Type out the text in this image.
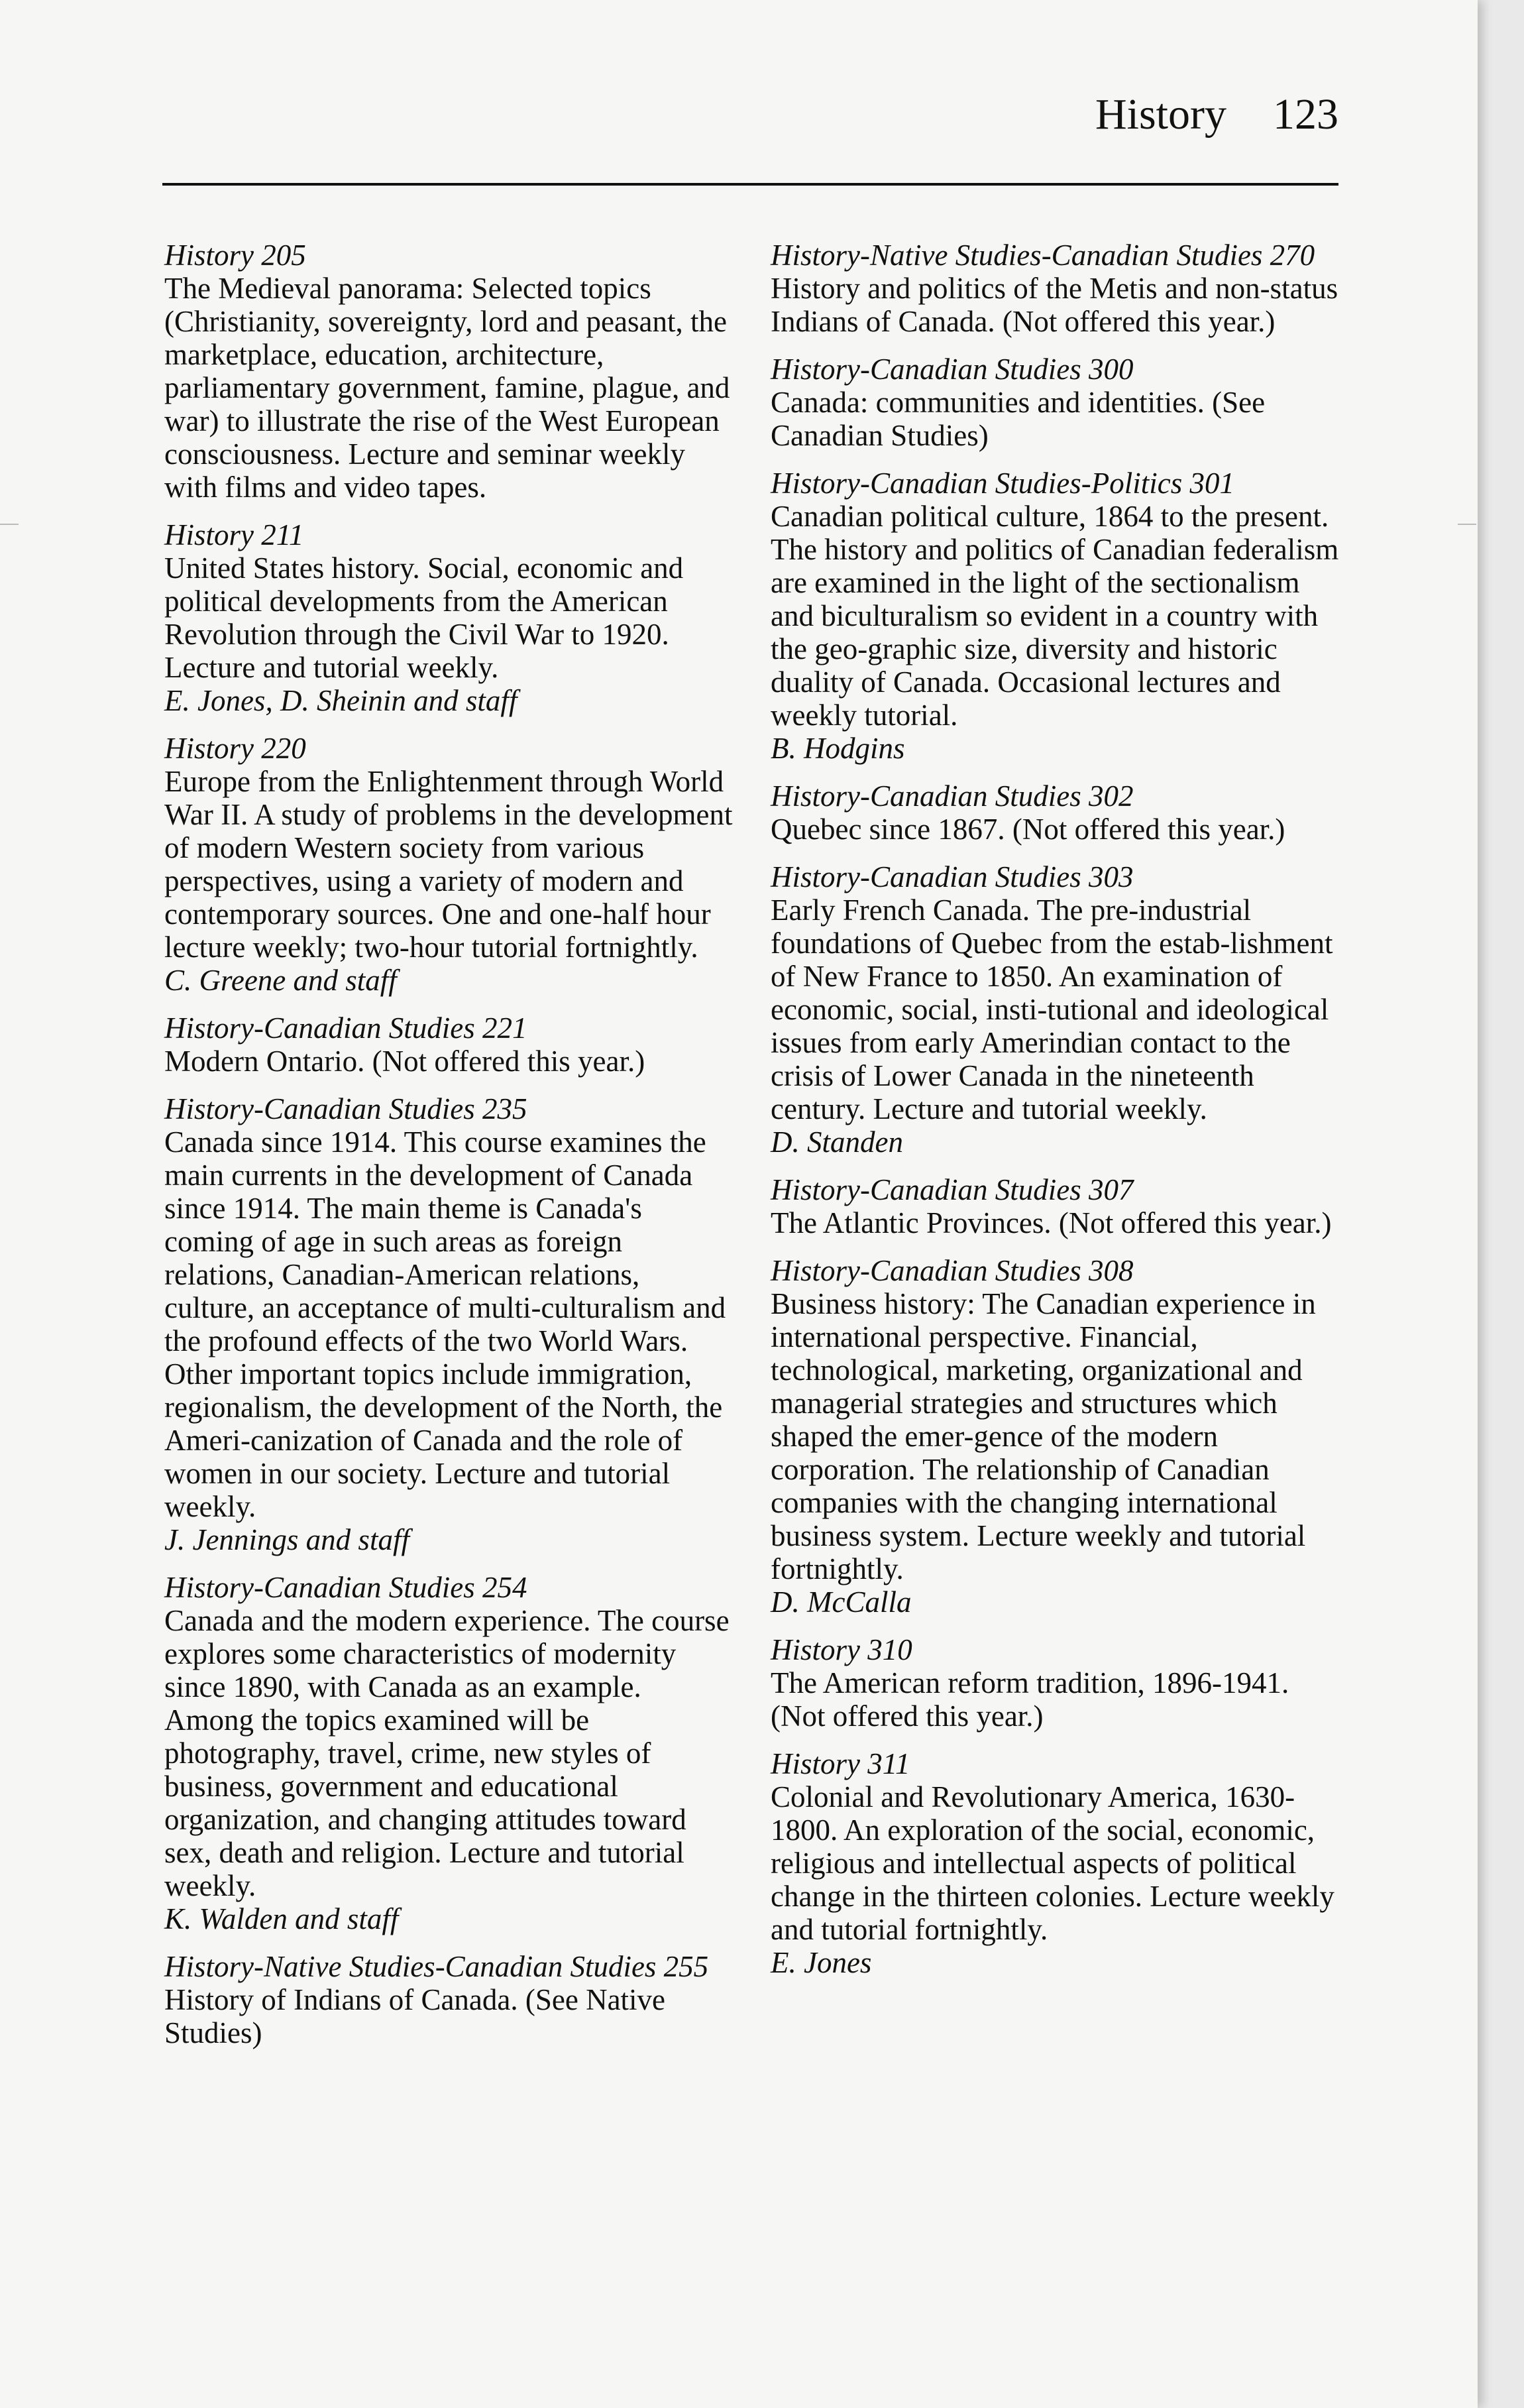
History 123
History 205
The Medieval panorama: Selected topics (Christianity, sovereignty, lord and peasant, the marketplace, education, architecture, parliamentary government, famine, plague, and war) to illustrate the rise of the West European consciousness. Lecture and seminar weekly with films and video tapes.
History 211
United States history. Social, economic and political developments from the American Revolution through the Civil War to 1920. Lecture and tutorial weekly.
E. Jones, D. Sheinin and staff
History 220
Europe from the Enlightenment through World War II. A study of problems in the development of modern Western society from various perspectives, using a variety of modern and contemporary sources. One and one-half hour lecture weekly; two-hour tutorial fortnightly.
C. Greene and staff
History-Canadian Studies 221
Modern Ontario. (Not offered this year.)
History-Canadian Studies 235
Canada since 1914. This course examines the main currents in the development of Canada since 1914. The main theme is Canada's coming of age in such areas as foreign relations, Canadian-American relations, culture, an acceptance of multi-culturalism and the profound effects of the two World Wars. Other important topics include immigration, regionalism, the development of the North, the Ameri-canization of Canada and the role of women in our society. Lecture and tutorial weekly.
J. Jennings and staff
History-Canadian Studies 254
Canada and the modern experience. The course explores some characteristics of modernity since 1890, with Canada as an example. Among the topics examined will be photography, travel, crime, new styles of business, government and educational organization, and changing attitudes toward sex, death and religion. Lecture and tutorial weekly.
K. Walden and staff
History-Native Studies-Canadian Studies 255
History of Indians of Canada. (See Native Studies)
History-Native Studies-Canadian Studies 270
History and politics of the Metis and non-status Indians of Canada. (Not offered this year.)
History-Canadian Studies 300
Canada: communities and identities. (See Canadian Studies)
History-Canadian Studies-Politics 301
Canadian political culture, 1864 to the present. The history and politics of Canadian federalism are examined in the light of the sectionalism and biculturalism so evident in a country with the geo-graphic size, diversity and historic duality of Canada. Occasional lectures and weekly tutorial.
B. Hodgins
History-Canadian Studies 302
Quebec since 1867. (Not offered this year.)
History-Canadian Studies 303
Early French Canada. The pre-industrial foundations of Quebec from the estab-lishment of New France to 1850. An examination of economic, social, insti-tutional and ideological issues from early Amerindian contact to the crisis of Lower Canada in the nineteenth century. Lecture and tutorial weekly.
D. Standen
History-Canadian Studies 307
The Atlantic Provinces. (Not offered this year.)
History-Canadian Studies 308
Business history: The Canadian experience in international perspective. Financial, technological, marketing, organizational and managerial strategies and structures which shaped the emer-gence of the modern corporation. The relationship of Canadian companies with the changing international business system. Lecture weekly and tutorial fortnightly.
D. McCalla
History 310
The American reform tradition, 1896-1941. (Not offered this year.)
History 311
Colonial and Revolutionary America, 1630-1800. An exploration of the social, economic, religious and intellectual aspects of political change in the thirteen colonies. Lecture weekly and tutorial fortnightly.
E. Jones
